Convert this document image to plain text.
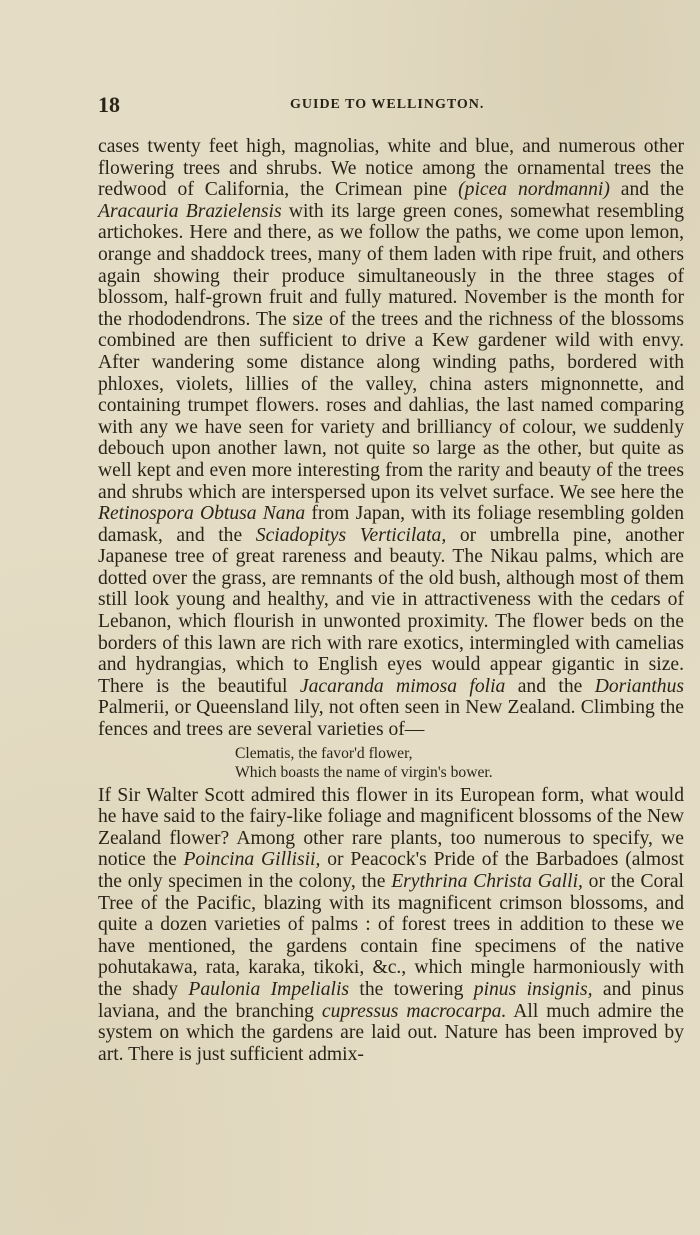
18	GUIDE TO WELLINGTON.

cases twenty feet high, magnolias, white and blue, and numerous other flowering trees and shrubs. We notice among the ornamental trees the redwood of California, the Crimean pine (picea nordmanni) and the Aracauria Brazielensis with its large green cones, somewhat resembling artichokes. Here and there, as we follow the paths, we come upon lemon, orange and shaddock trees, many of them laden with ripe fruit, and others again showing their produce simultaneously in the three stages of blossom, half-grown fruit and fully matured. November is the month for the rhododendrons. The size of the trees and the richness of the blossoms combined are then sufficient to drive a Kew gardener wild with envy. After wandering some distance along winding paths, bordered with phloxes, violets, lillies of the valley, china asters mignonnette, and containing trumpet flowers. roses and dahlias, the last named comparing with any we have seen for variety and brilliancy of colour, we suddenly debouch upon another lawn, not quite so large as the other, but quite as well kept and even more interesting from the rarity and beauty of the trees and shrubs which are interspersed upon its velvet surface. We see here the Retinospora Obtusa Nana from Japan, with its foliage resembling golden damask, and the Sciadopitys Verticilata, or umbrella pine, another Japanese tree of great rareness and beauty. The Nikau palms, which are dotted over the grass, are remnants of the old bush, although most of them still look young and healthy, and vie in attractiveness with the cedars of Lebanon, which flourish in unwonted proximity. The flower beds on the borders of this lawn are rich with rare exotics, intermingled with camelias and hydrangias, which to English eyes would appear gigantic in size. There is the beautiful Jacaranda mimosa folia and the Dorianthus Palmerii, or Queensland lily, not often seen in New Zealand. Climbing the fences and trees are several varieties of—

Clematis, the favor'd flower,
Which boasts the name of virgin's bower.

If Sir Walter Scott admired this flower in its European form, what would he have said to the fairy-like foliage and magnificent blossoms of the New Zealand flower? Among other rare plants, too numerous to specify, we notice the Poincina Gillisii, or Peacock's Pride of the Barbadoes (almost the only specimen in the colony, the Erythrina Christa Galli, or the Coral Tree of the Pacific, blazing with its magnificent crimson blossoms, and quite a dozen varieties of palms : of forest trees in addition to these we have mentioned, the gardens contain fine specimens of the native pohutakawa, rata, karaka, tikoki, &c., which mingle harmoniously with the shady Paulonia Impelialis the towering pinus insignis, and pinus laviana, and the branching cupressus macrocarpa. All much admire the system on which the gardens are laid out. Nature has been improved by art. There is just sufficient admix-
